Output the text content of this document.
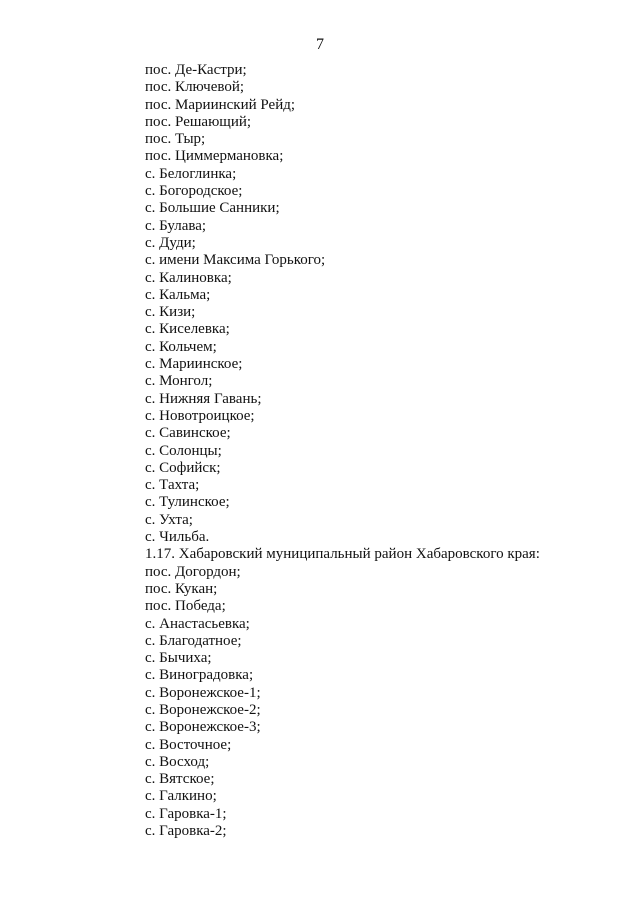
7
пос. Де-Кастри;
пос. Ключевой;
пос. Мариинский Рейд;
пос. Решающий;
пос. Тыр;
пос. Циммермановка;
с. Белоглинка;
с. Богородское;
с. Большие Санники;
с. Булава;
с. Дуди;
с. имени Максима Горького;
с. Калиновка;
с. Кальма;
с. Кизи;
с. Киселевка;
с. Кольчем;
с. Мариинское;
с. Монгол;
с. Нижняя Гавань;
с. Новотроицкое;
с. Савинское;
с. Солонцы;
с. Софийск;
с. Тахта;
с. Тулинское;
с. Ухта;
с. Чильба.
1.17. Хабаровский муниципальный район Хабаровского края:
пос. Догордон;
пос. Кукан;
пос. Победа;
с. Анастасьевка;
с. Благодатное;
с. Бычиха;
с. Виноградовка;
с. Воронежское-1;
с. Воронежское-2;
с. Воронежское-3;
с. Восточное;
с. Восход;
с. Вятское;
с. Галкино;
с. Гаровка-1;
с. Гаровка-2;
